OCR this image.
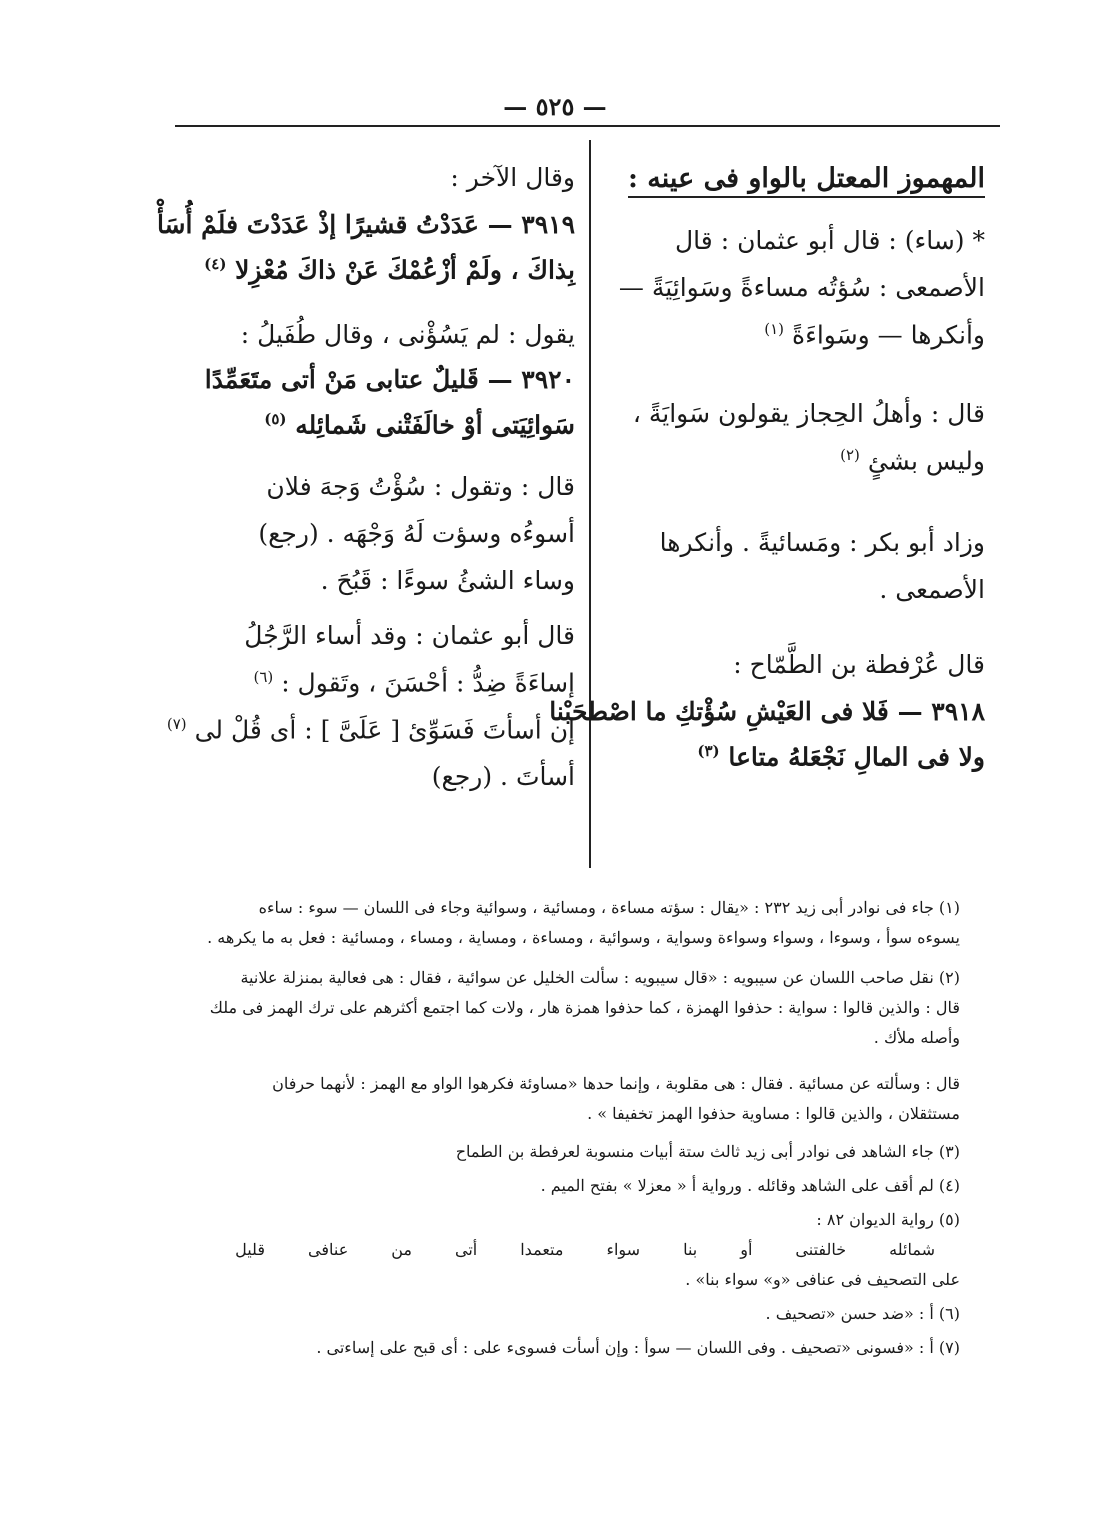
— ٥٢٥ —

المهموز المعتل بالواو فى عينه :

* (ساء) : قال أبو عثمان : قال

الأصمعى : سُؤتُه مساءةً وسَوائِيَةً —

وأنكرها — وسَواءَةً $^{(١)}$

قال : وأهلُ الحِجاز يقولون سَوايَةً ،

وليس بشئٍ $^{(٢)}$

وزاد أبو بكر : ومَسائيةً . وأنكرها

الأصمعى .

قال عُرْفطة بن الطَّمّاح :

٣٩١٨ — فَلا فى العَيْشِ سُؤْتكِ ما اصْطحَبْنا

ولا فى المالِ نَجْعَلهُ متاعا $^{(٣)}$

وقال الآخر :

٣٩١٩ — عَدَدْتُ قشيرًا إذْ عَدَدْتَ فلَمْ أُسَأْ

بِذاكَ ، ولَمْ أزْعُمْكَ عَنْ ذاكَ مُعْزِلا $^{(٤)}$

يقول : لم يَسُؤْنى ، وقال طُفَيلُ :

٣٩٢٠ — قَليلٌ عتابى مَنْ أتى متَعَمِّدًا

سَوائِيَتى أوْ خالَفَتْنى شَمائِله $^{(٥)}$

قال : وتقول : سُؤْتُ وَجهَ فلان

أسوءُه وسؤت لَهُ وَجْهَه . (رجع)

وساء الشئُ سوءًا : قَبُحَ .

قال أبو عثمان : وقد أساء الرَّجُلُ

إساءَةً ضِدُّ : أحْسَنَ ، وتَقول : $^{(٦)}$

إن أسأتَ فَسَوِّئ [ عَلَىَّ ] : أى قُلْ لى $^{(٧)}$

أسأتَ . (رجع)

(١) جاء فى نوادر أبى زيد ٢٣٢ : «يقال : سؤته مساءة ، ومسائية ، وسوائية وجاء فى اللسان — سوء : ساءه

يسوءه سوأ ، وسوءا ، وسواء وسواءة وسواية ، وسوائية ، ومساءة ، ومساية ، ومساء ، ومسائية : فعل به ما يكرهه .

(٢) نقل صاحب اللسان عن سيبويه : «قال سيبويه : سألت الخليل عن سوائية ، فقال : هى فعالية بمنزلة علانية

قال : والذين قالوا : سواية : حذفوا الهمزة ، كما حذفوا همزة هار ، ولات كما اجتمع أكثرهم على ترك الهمز فى ملك

وأصله ملأك .

قال : وسألته عن مسائية . فقال : هى مقلوبة ، وإنما حدها «مساوئة فكرهوا الواو مع الهمز : لأنهما حرفان

مستثقلان ، والذين قالوا : مساوية حذفوا الهمز تخفيفا » .

(٣) جاء الشاهد فى نوادر أبى زيد ثالث ستة أبيات منسوبة لعرفطة بن الطماح

(٤) لم أقف على الشاهد وقائله . ورواية أ « معزلا » بفتح الميم .

(٥) رواية الديوان ٨٢ :

قليل	عنافى	من	أتى	متعمدا	سواء	بنا	أو	خالفتنى	شمائله

على التصحيف فى عنافى «و» سواء بنا» .

(٦) أ : «ضد حسن «تصحيف .

(٧) أ : «فسونى «تصحيف . وفى اللسان — سوأ : وإن أسأت فسوىء على : أى قبح على إساءتى .
